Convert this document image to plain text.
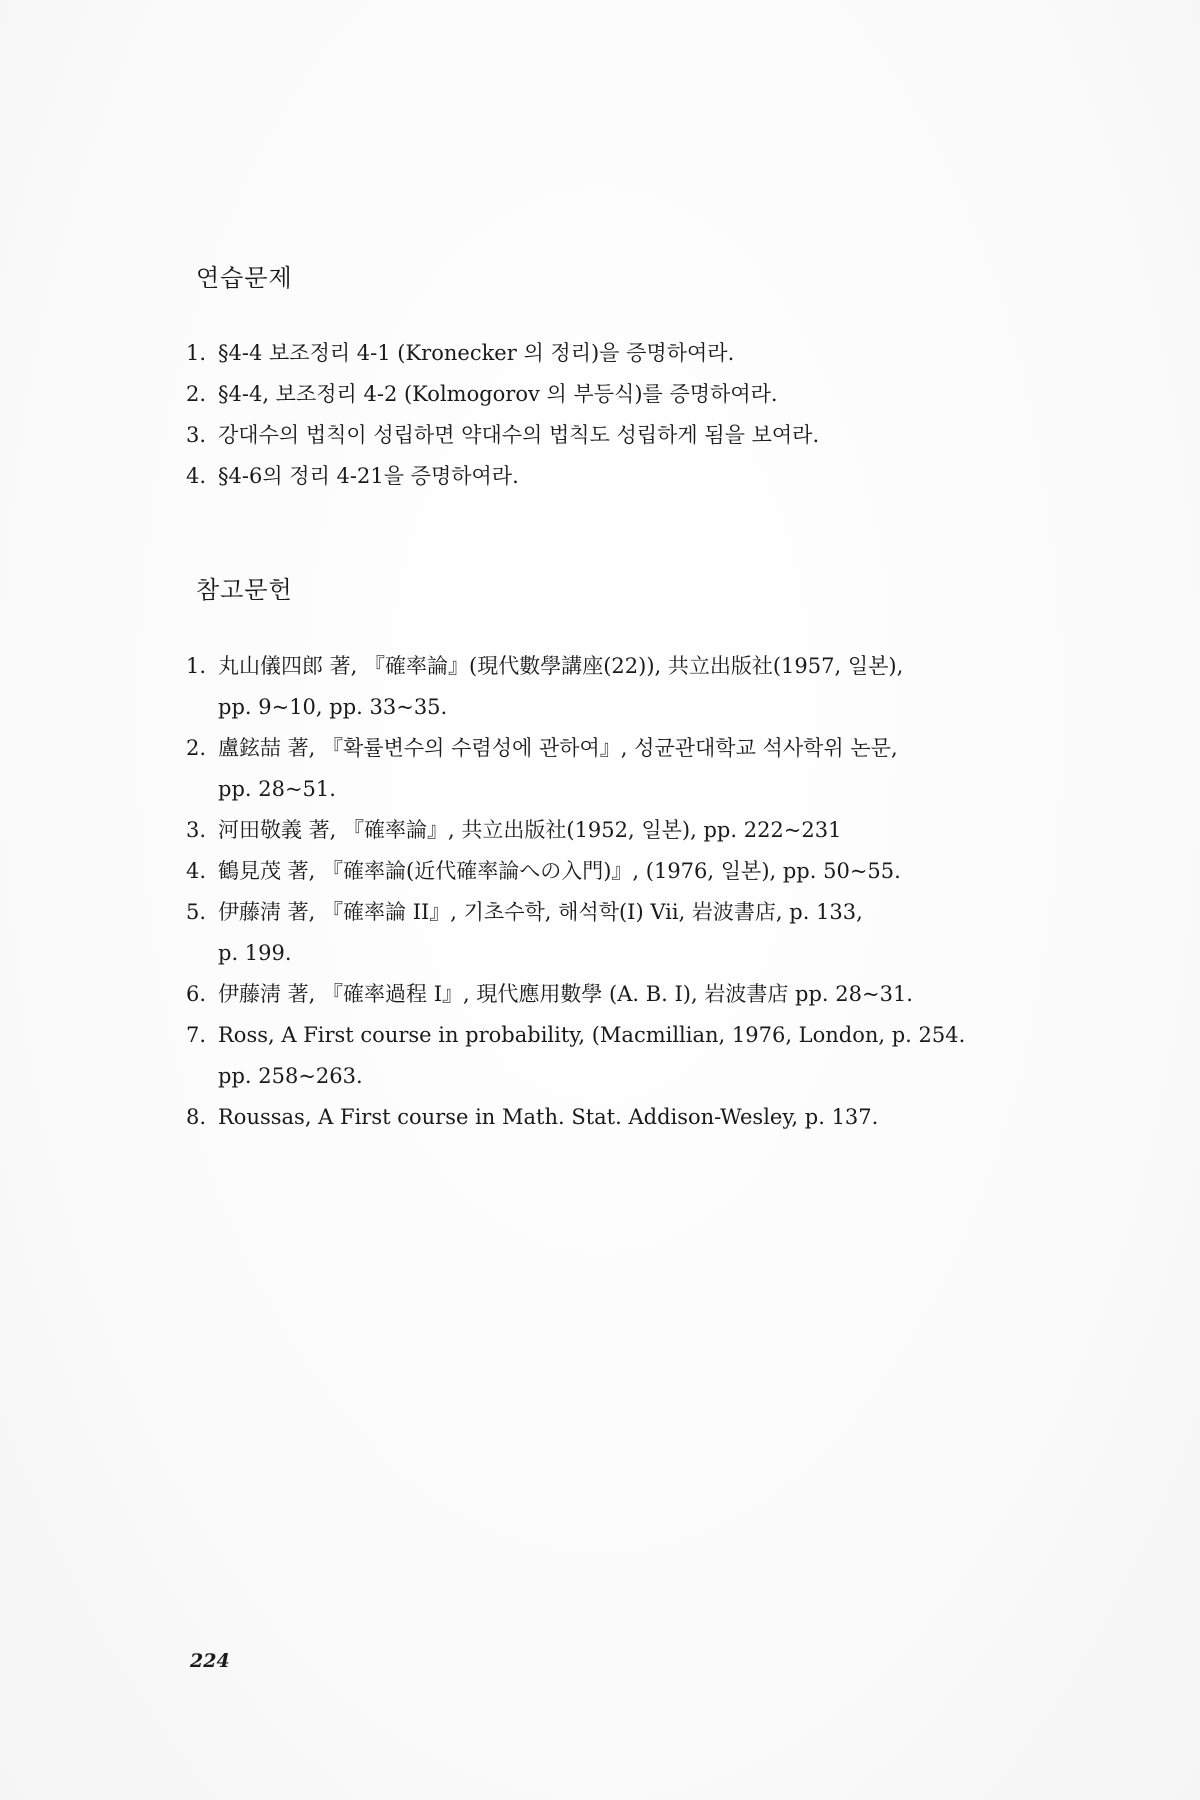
연습문제
1. §4-4 보조정리 4-1 (Kronecker 의 정리)을 증명하여라.
2. §4-4, 보조정리 4-2 (Kolmogorov 의 부등식)를 증명하여라.
3. 강대수의 법칙이 성립하면 약대수의 법칙도 성립하게 됨을 보여라.
4. §4-6의 정리 4-21을 증명하여라.
참고문헌
1. 丸山儀四郎 著, 『確率論』(現代數學講座(22)), 共立出版社(1957, 일본),
pp. 9~10, pp. 33~35.
2. 盧鉉喆 著, 『확률변수의 수렴성에 관하여』, 성균관대학교 석사학위 논문,
pp. 28~51.
3. 河田敬義 著, 『確率論』, 共立出版社(1952, 일본), pp. 222~231
4. 鶴見茂 著, 『確率論(近代確率論への入門)』, (1976, 일본), pp. 50~55.
5. 伊藤淸 著, 『確率論 II』, 기초수학, 해석학(I) Vii, 岩波書店, p. 133,
p. 199.
6. 伊藤淸 著, 『確率過程 I』, 現代應用數學 (A. B. I), 岩波書店 pp. 28~31.
7. Ross, A First course in probability, (Macmillian, 1976, London, p. 254.
pp. 258~263.
8. Roussas, A First course in Math. Stat. Addison-Wesley, p. 137.
224
